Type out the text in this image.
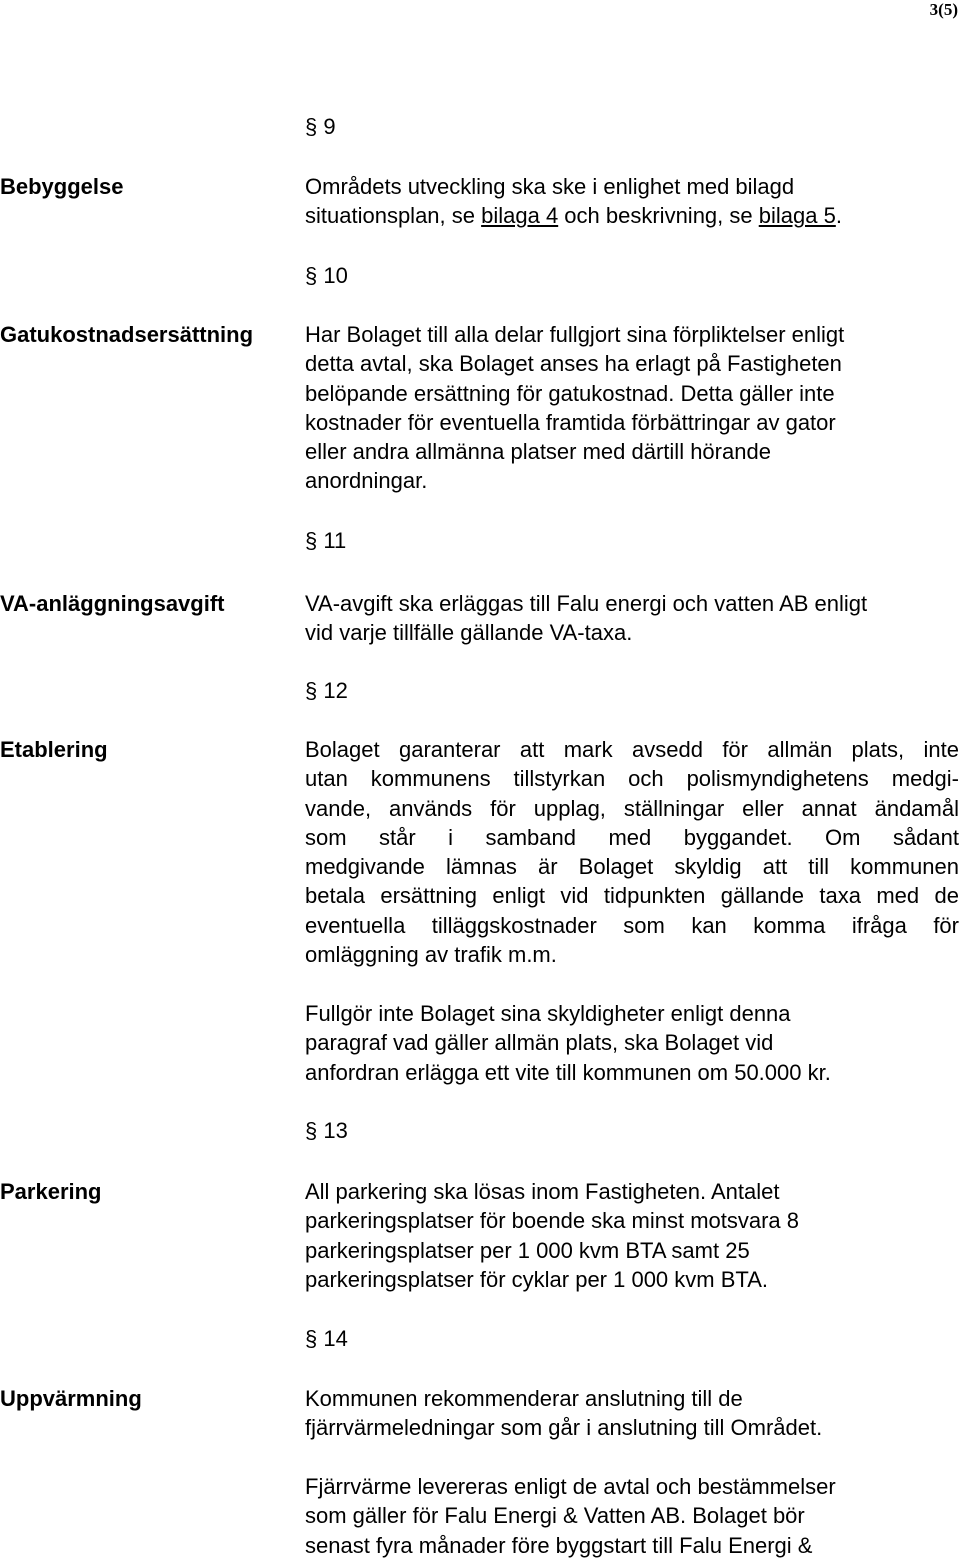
3(5)
§ 9
Bebyggelse	Områdets utveckling ska ske i enlighet med bilagd
situationsplan, se bilaga 4 och beskrivning, se bilaga 5.
§ 10
Gatukostnadsersättning Har Bolaget till alla delar fullgjort sina förpliktelser enligt
detta avtal, ska Bolaget anses ha erlagt på Fastigheten
belöpande ersättning för gatukostnad. Detta gäller inte
kostnader för eventuella framtida förbättringar av gator
eller andra allmänna platser med därtill hörande
anordningar.
§ 11
VA-anläggningsavgift	VA-avgift ska erläggas till Falu energi och vatten AB enligt
vid varje tillfälle gällande VA-taxa.
§ 12
Etablering	Bolaget garanterar att mark avsedd för allmän plats, inte
utan kommunens tillstyrkan och polismyndighetens medgi-
vande, används för upplag, ställningar eller annat ändamål
som står i samband med byggandet. Om sådant
medgivande lämnas är Bolaget skyldig att till kommunen
betala ersättning enligt vid tidpunkten gällande taxa med de
eventuella tilläggskostnader som kan komma ifråga för
omläggning av trafik m.m.
Fullgör inte Bolaget sina skyldigheter enligt denna
paragraf vad gäller allmän plats, ska Bolaget vid
anfordran erlägga ett vite till kommunen om 50.000 kr.
§ 13
Parkering	All parkering ska lösas inom Fastigheten. Antalet
parkeringsplatser för boende ska minst motsvara 8
parkeringsplatser per 1 000 kvm BTA samt 25
parkeringsplatser för cyklar per 1 000 kvm BTA.
§ 14
Uppvärmning	Kommunen rekommenderar anslutning till de
fjärrvärmeledningar som går i anslutning till Området.
Fjärrvärme levereras enligt de avtal och bestämmelser
som gäller för Falu Energi & Vatten AB. Bolaget bör
senast fyra månader före byggstart till Falu Energi &
